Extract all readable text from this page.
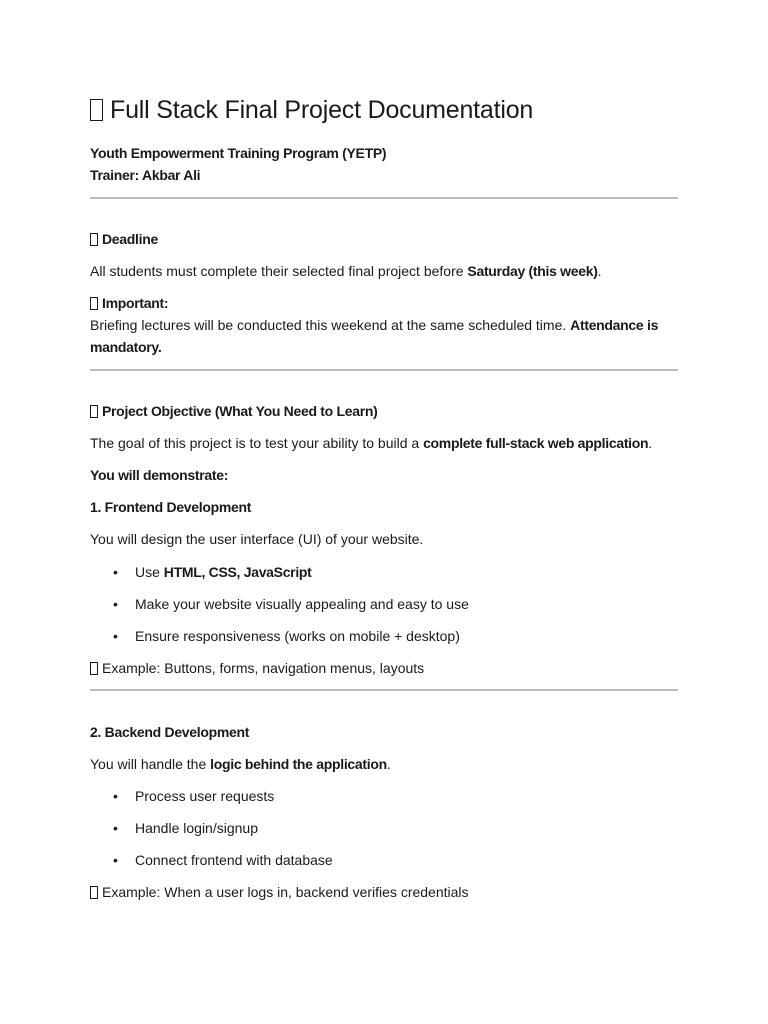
Full Stack Final Project Documentation

Youth Empowerment Training Program (YETP)

Trainer: Akbar Ali

Deadline

All students must complete their selected final project before Saturday (this week).

Important:

Briefing lectures will be conducted this weekend at the same scheduled time. Attendance is

mandatory.

Project Objective (What You Need to Learn)

The goal of this project is to test your ability to build a complete full-stack web application.

You will demonstrate:

1. Frontend Development

You will design the user interface (UI) of your website.

• Use HTML, CSS, JavaScript
• Make your website visually appealing and easy to use
• Ensure responsiveness (works on mobile + desktop)

Example: Buttons, forms, navigation menus, layouts

2. Backend Development

You will handle the logic behind the application.

• Process user requests
• Handle login/signup
• Connect frontend with database

Example: When a user logs in, backend verifies credentials
